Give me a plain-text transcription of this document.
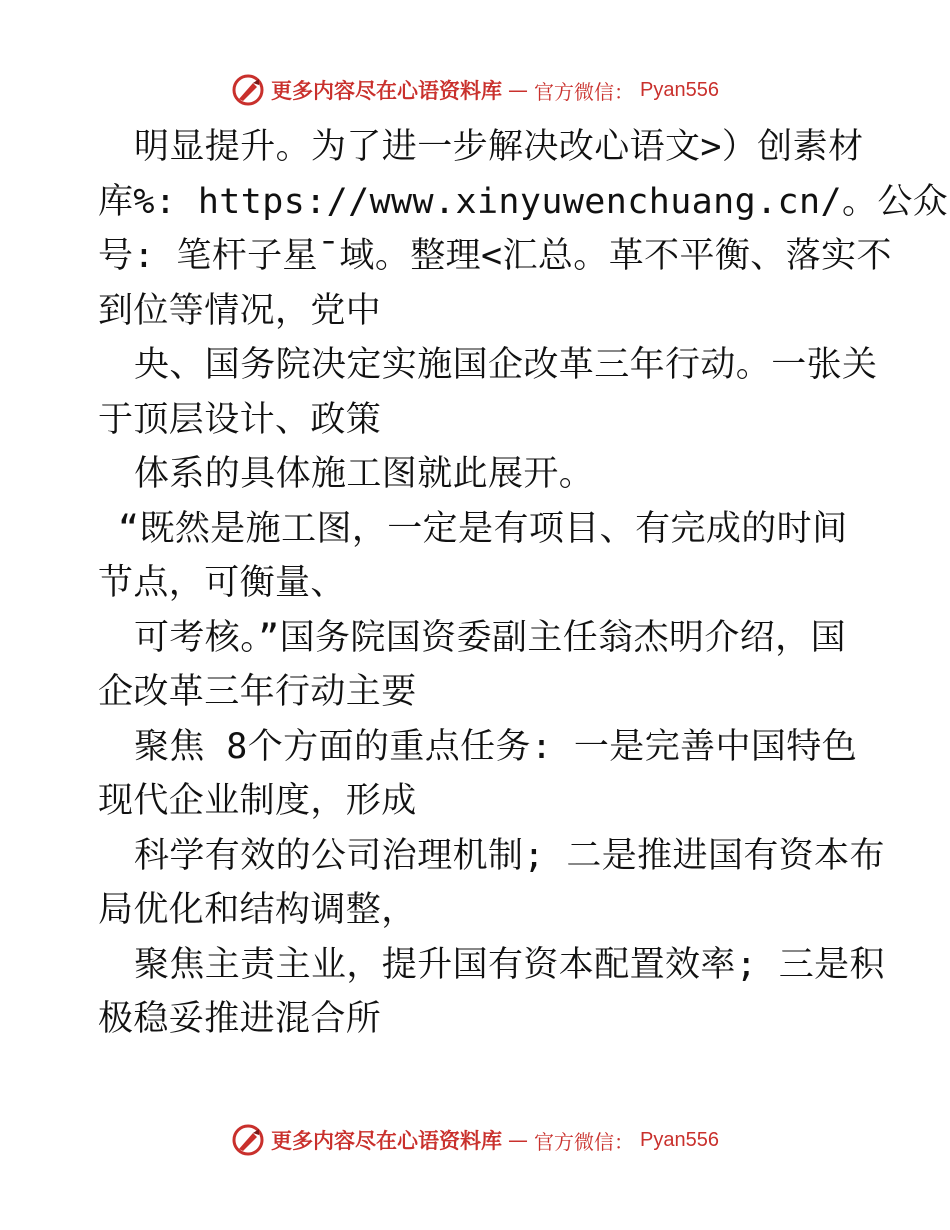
更多内容尽在心语资料库 — 官方微信： Pyan556
明显提升。为了进一步解决改心语文>）创素材
库%: https://www.xinyuwenchuang.cn/。公众
号: 笔杆子星¯域。整理<汇总。革不平衡、落实不
到位等情况，党中
央、国务院决定实施国企改革三年行动。一张关
于顶层设计、政策
体系的具体施工图就此展开。
“既然是施工图，一定是有项目、有完成的时间
节点，可衡量、
可考核。”国务院国资委副主任翁杰明介绍，国
企改革三年行动主要
聚焦 8个方面的重点任务: 一是完善中国特色
现代企业制度，形成
科学有效的公司治理机制; 二是推进国有资本布
局优化和结构调整，
聚焦主责主业，提升国有资本配置效率; 三是积
极稳妥推进混合所
更多内容尽在心语资料库 — 官方微信： Pyan556
